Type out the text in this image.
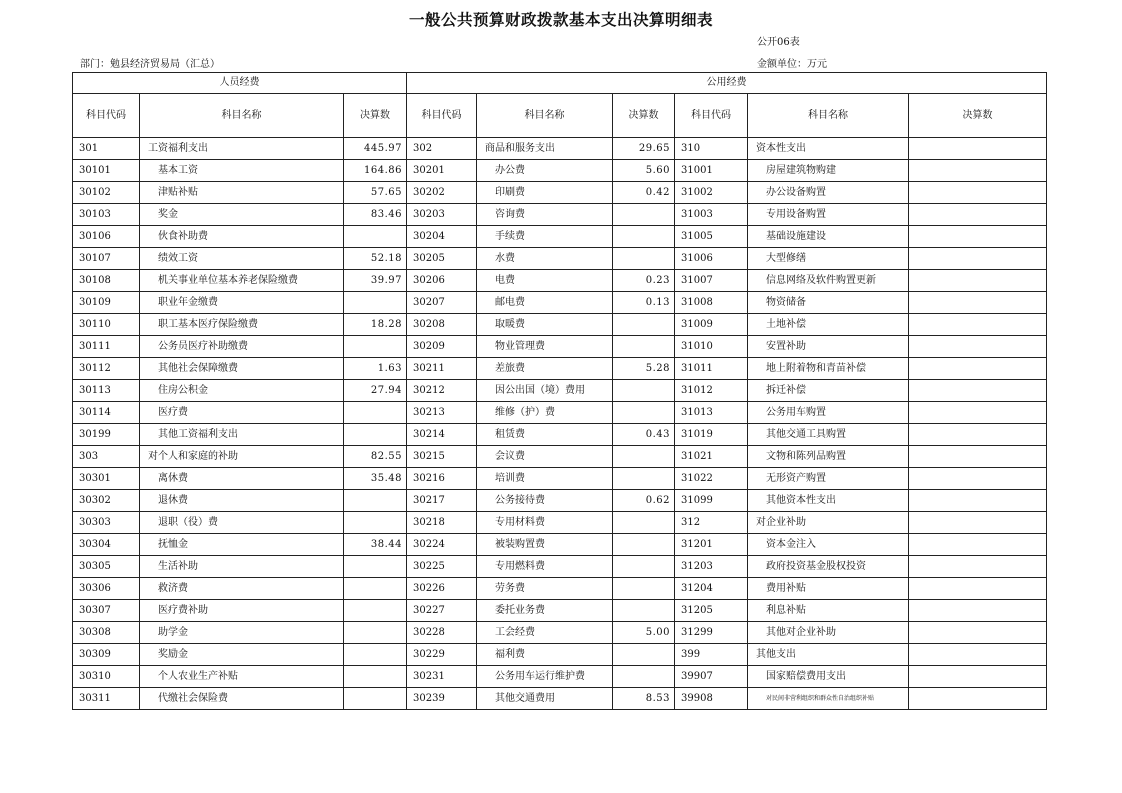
一般公共预算财政拨款基本支出决算明细表
公开06表
部门：勉县经济贸易局（汇总）	金额单位：万元
人员经费			公用经费					
科目代码	科目名称	决算数	科目代码	科目名称	决算数	科目代码	科目名称	决算数
301	工资福利支出	445.97	302	商品和服务支出	29.65	310	资本性支出	
30101	基本工资	164.86	30201	办公费	5.60	31001	房屋建筑物购建	
30102	津贴补贴	57.65	30202	印刷费	0.42	31002	办公设备购置	
30103	奖金	83.46	30203	咨询费		31003	专用设备购置	
30106	伙食补助费		30204	手续费		31005	基础设施建设	
30107	绩效工资	52.18	30205	水费		31006	大型修缮	
30108	机关事业单位基本养老保险缴费	39.97	30206	电费	0.23	31007	信息网络及软件购置更新	
30109	职业年金缴费		30207	邮电费	0.13	31008	物资储备	
30110	职工基本医疗保险缴费	18.28	30208	取暖费		31009	土地补偿	
30111	公务员医疗补助缴费		30209	物业管理费		31010	安置补助	
30112	其他社会保障缴费	1.63	30211	差旅费	5.28	31011	地上附着物和青苗补偿	
30113	住房公积金	27.94	30212	因公出国（境）费用		31012	拆迁补偿	
30114	医疗费		30213	维修（护）费		31013	公务用车购置	
30199	其他工资福利支出		30214	租赁费	0.43	31019	其他交通工具购置	
303	对个人和家庭的补助	82.55	30215	会议费		31021	文物和陈列品购置	
30301	离休费	35.48	30216	培训费		31022	无形资产购置	
30302	退休费		30217	公务接待费	0.62	31099	其他资本性支出	
30303	退职（役）费		30218	专用材料费		312	对企业补助	
30304	抚恤金	38.44	30224	被装购置费		31201	资本金注入	
30305	生活补助		30225	专用燃料费		31203	政府投资基金股权投资	
30306	救济费		30226	劳务费		31204	费用补贴	
30307	医疗费补助		30227	委托业务费		31205	利息补贴	
30308	助学金		30228	工会经费	5.00	31299	其他对企业补助	
30309	奖励金		30229	福利费		399	其他支出	
30310	个人农业生产补贴		30231	公务用车运行维护费		39907	国家赔偿费用支出	
30311	代缴社会保险费		30239	其他交通费用	8.53	39908	对民间非营利组织和群众性自治组织补贴	
